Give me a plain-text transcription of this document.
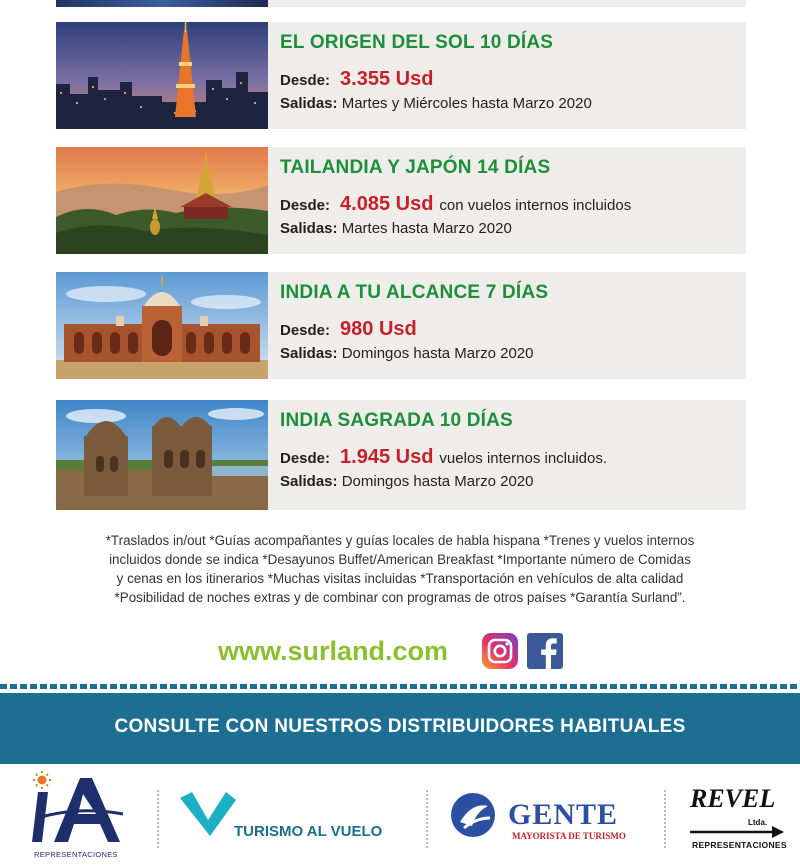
EL ORIGEN DEL SOL 10 DÍAS
Desde: 3.355 Usd
Salidas: Martes y Miércoles hasta Marzo 2020
TAILANDIA Y JAPÓN 14 DÍAS
Desde: 4.085 Usd con vuelos internos incluidos
Salidas: Martes hasta Marzo 2020
INDIA A TU ALCANCE 7 DÍAS
Desde: 980 Usd
Salidas: Domingos hasta Marzo 2020
INDIA SAGRADA 10 DÍAS
Desde: 1.945 Usd vuelos internos incluidos.
Salidas: Domingos hasta Marzo 2020
*Traslados in/out *Guías acompañantes y guías locales de habla hispana *Trenes y vuelos internos
incluidos donde se indica *Desayunos Buffet/American Breakfast *Importante número de Comidas
y cenas en los itinerarios *Muchas visitas incluidas *Transportación en vehículos de alta calidad
*Posibilidad de noches extras y de combinar con programas de otros países *Garantía Surland”.
www.surland.com
CONSULTE CON NUESTROS DISTRIBUIDORES HABITUALES
REPRESENTACIONES
TURISMO AL VUELO
GENTE
MAYORISTA DE TURISMO
REVEL
Ltda.
REPRESENTACIONES
